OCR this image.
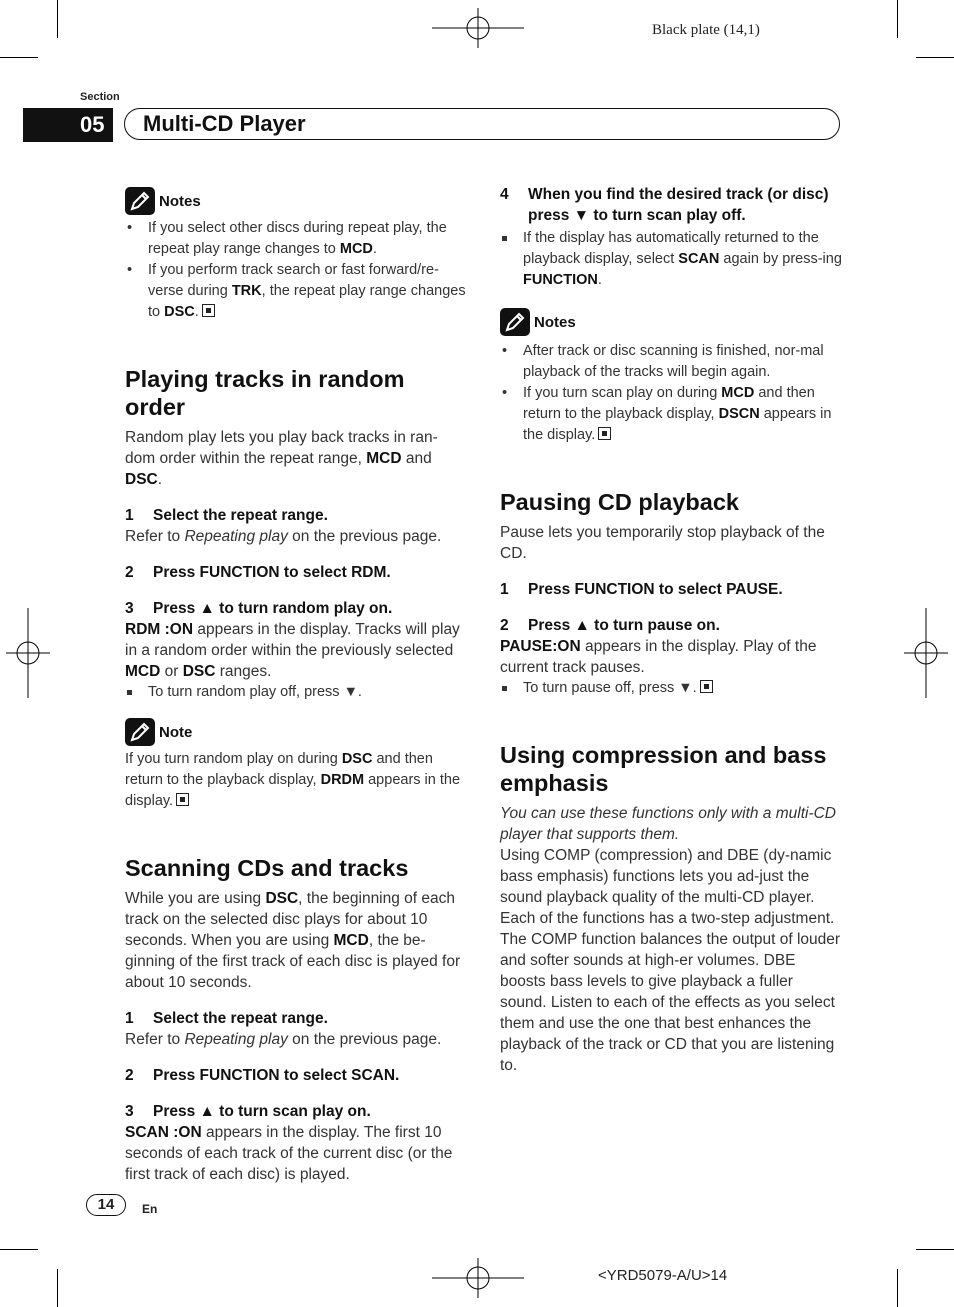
Black plate (14,1)
Section
05	Multi-CD Player
Notes
• If you select other discs during repeat play, the repeat play range changes to MCD.
• If you perform track search or fast forward/re-verse during TRK, the repeat play range changes to DSC.
Playing tracks in random order

Random play lets you play back tracks in ran-dom order within the repeat range, MCD and DSC.

1 Select the repeat range.

Refer to Repeating play on the previous page.

2 Press FUNCTION to select RDM.

3 Press ▲ to turn random play on.

RDM :ON appears in the display. Tracks will play in a random order within the previously selected MCD or DSC ranges.

To turn random play off, press ▼.

Note

If you turn random play on during DSC and then return to the playback display, DRDM appears in the display.

Scanning CDs and tracks

While you are using DSC, the beginning of each track on the selected disc plays for about 10 seconds. When you are using MCD, the be-ginning of the first track of each disc is played for about 10 seconds.

1 Select the repeat range.

Refer to Repeating play on the previous page.

2 Press FUNCTION to select SCAN.

3 Press ▲ to turn scan play on.

SCAN :ON appears in the display. The first 10 seconds of each track of the current disc (or the first track of each disc) is played.

4	When you find the desired track (or disc) press ▼ to turn scan play off.

If the display has automatically returned to the playback display, select SCAN again by press-ing FUNCTION.

Notes
• After track or disc scanning is finished, nor-mal playback of the tracks will begin again.
• If you turn scan play on during MCD and then return to the playback display, DSCN appears in the display.
Pausing CD playback

Pause lets you temporarily stop playback of the CD.

1 Press FUNCTION to select PAUSE.

2 Press ▲ to turn pause on.

PAUSE:ON appears in the display. Play of the current track pauses.

To turn pause off, press ▼.

Using compression and bass emphasis

You can use these functions only with a multi-CD player that supports them.

Using COMP (compression) and DBE (dy-namic bass emphasis) functions lets you ad-just the sound playback quality of the multi-CD player. Each of the functions has a two-step adjustment. The COMP function balances the output of louder and softer sounds at high-er volumes. DBE boosts bass levels to give playback a fuller sound. Listen to each of the effects as you select them and use the one that best enhances the playback of the track or CD that you are listening to.

14	En
<YRD5079-A/U>14
